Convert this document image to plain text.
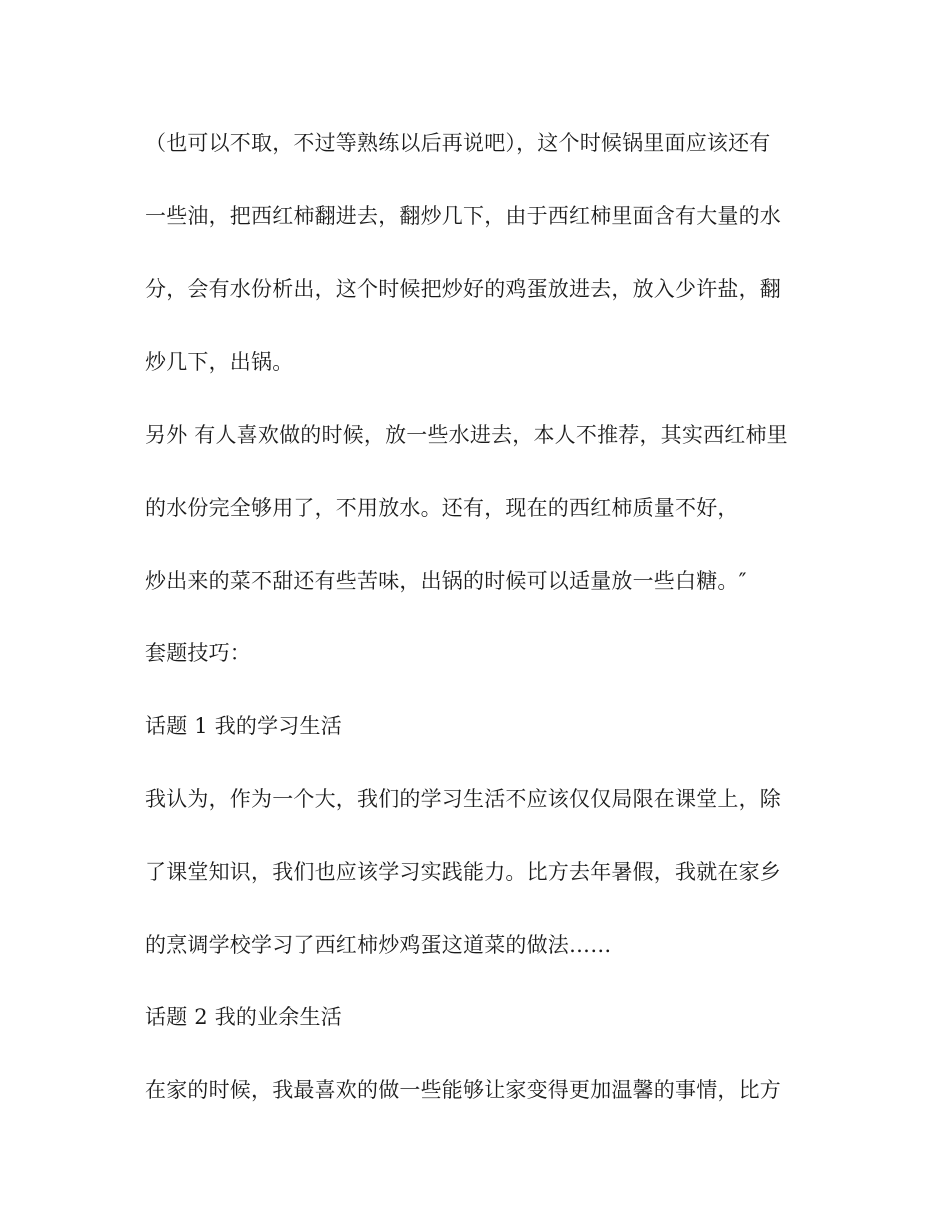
（也可以不取，不过等熟练以后再说吧），这个时候锅里面应该还有
一些油，把西红柿翻进去，翻炒几下，由于西红柿里面含有大量的水
分，会有水份析出，这个时候把炒好的鸡蛋放进去，放入少许盐，翻
炒几下，出锅。
另外 有人喜欢做的时候，放一些水进去，本人不推荐，其实西红柿里
的水份完全够用了，不用放水。还有，现在的西红柿质量不好，
炒出来的菜不甜还有些苦味，出锅的时候可以适量放一些白糖。″
套题技巧：
话题 1 我的学习生活
我认为，作为一个大，我们的学习生活不应该仅仅局限在课堂上，除
了课堂知识，我们也应该学习实践能力。比方去年暑假，我就在家乡
的烹调学校学习了西红柿炒鸡蛋这道菜的做法……
话题 2 我的业余生活
在家的时候，我最喜欢的做一些能够让家变得更加温馨的事情，比方
